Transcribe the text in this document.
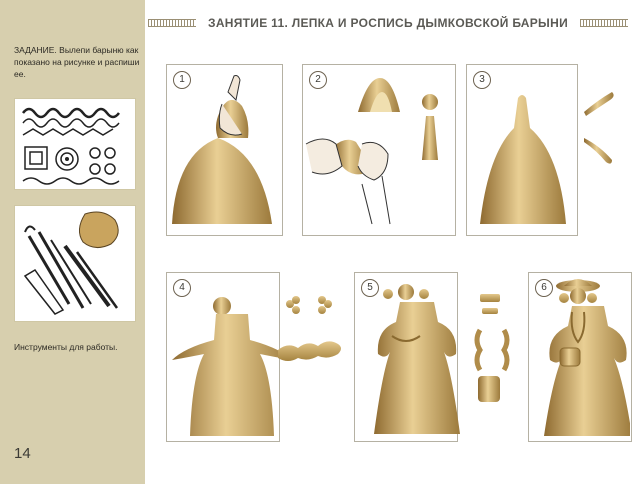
ЗАДАНИЕ. Вылепи барыню как показано на рисунке и распиши ее.
Инструменты для работы.
14
ЗАНЯТИЕ 11. ЛЕПКА И РОСПИСЬ ДЫМКОВСКОЙ БАРЫНИ
1	2	3
4	5	6
